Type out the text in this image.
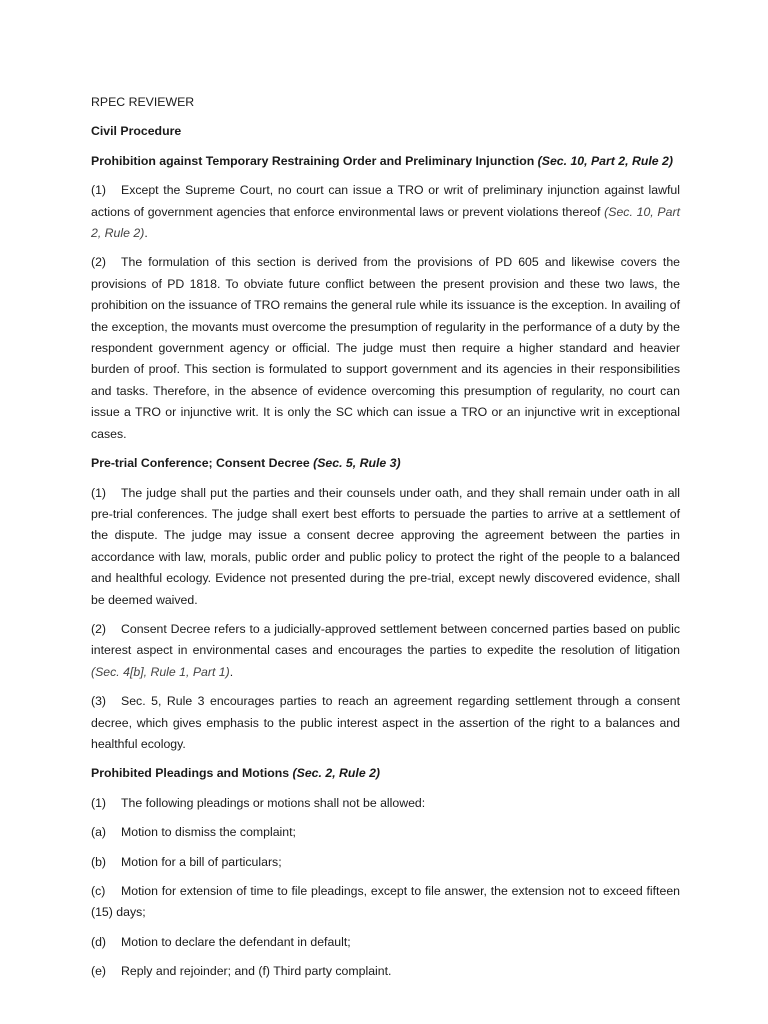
RPEC REVIEWER

Civil Procedure

Prohibition against Temporary Restraining Order and Preliminary Injunction (Sec. 10, Part 2, Rule 2)

(1) Except the Supreme Court, no court can issue a TRO or writ of preliminary injunction against lawful actions of government agencies that enforce environmental laws or prevent violations thereof (Sec. 10, Part 2, Rule 2).

(2) The formulation of this section is derived from the provisions of PD 605 and likewise covers the provisions of PD 1818. To obviate future conflict between the present provision and these two laws, the prohibition on the issuance of TRO remains the general rule while its issuance is the exception. In availing of the exception, the movants must overcome the presumption of regularity in the performance of a duty by the respondent government agency or official. The judge must then require a higher standard and heavier burden of proof. This section is formulated to support government and its agencies in their responsibilities and tasks. Therefore, in the absence of evidence overcoming this presumption of regularity, no court can issue a TRO or injunctive writ. It is only the SC which can issue a TRO or an injunctive writ in exceptional cases.

Pre-trial Conference; Consent Decree (Sec. 5, Rule 3)

(1) The judge shall put the parties and their counsels under oath, and they shall remain under oath in all pre-trial conferences. The judge shall exert best efforts to persuade the parties to arrive at a settlement of the dispute. The judge may issue a consent decree approving the agreement between the parties in accordance with law, morals, public order and public policy to protect the right of the people to a balanced and healthful ecology. Evidence not presented during the pre-trial, except newly discovered evidence, shall be deemed waived.

(2) Consent Decree refers to a judicially-approved settlement between concerned parties based on public interest aspect in environmental cases and encourages the parties to expedite the resolution of litigation (Sec. 4[b], Rule 1, Part 1).

(3) Sec. 5, Rule 3 encourages parties to reach an agreement regarding settlement through a consent decree, which gives emphasis to the public interest aspect in the assertion of the right to a balances and healthful ecology.

Prohibited Pleadings and Motions (Sec. 2, Rule 2)

(1) The following pleadings or motions shall not be allowed:

(a) Motion to dismiss the complaint;

(b) Motion for a bill of particulars;

(c) Motion for extension of time to file pleadings, except to file answer, the extension not to exceed fifteen (15) days;

(d) Motion to declare the defendant in default;

(e) Reply and rejoinder; and (f) Third party complaint.
